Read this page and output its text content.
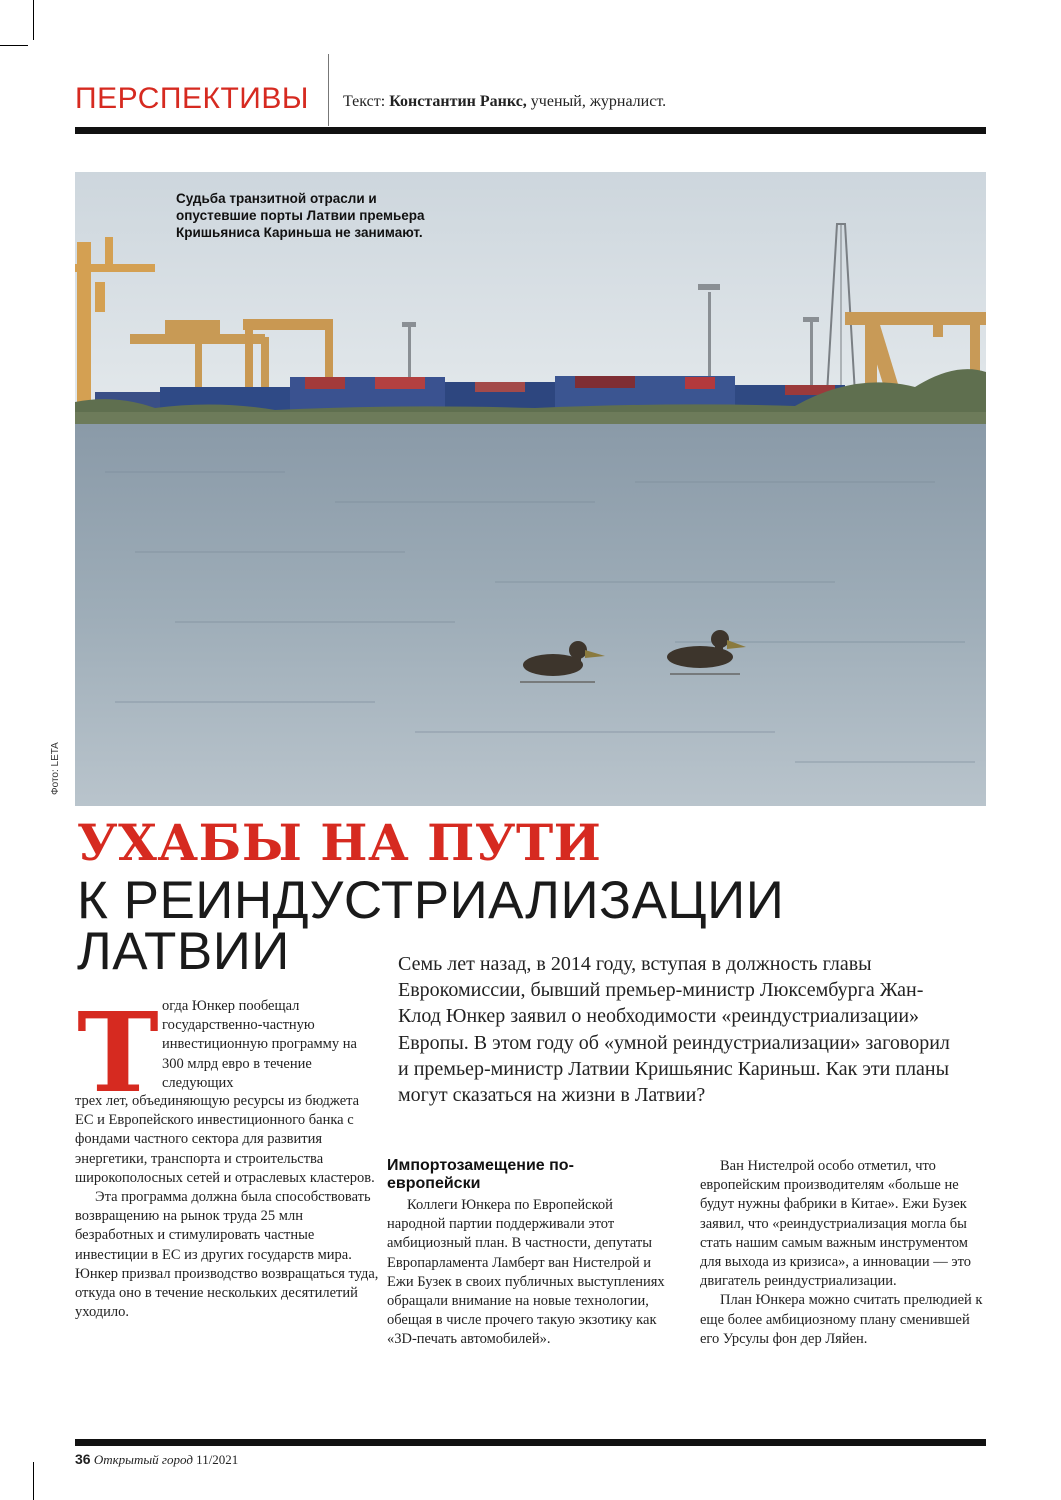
ПЕРСПЕКТИВЫ Текст: Константин Ранкс, ученый, журналист.
Судьба транзитной отрасли и опустевшие порты Латвии премьера Кришьяниса Кариньша не занимают.
Фото: LETA
УХАБЫ НА ПУТИ
К РЕИНДУСТРИАЛИЗАЦИИ
ЛАТВИИ	Семь лет назад, в 2014 году, вступая в должность главы Еврокомиссии, бывший премьер-министр Люксембурга Жан-Клод Юнкер заявил о необходимости «реиндустриализации» Европы. В этом году об «умной реиндустриализации» заговорил и премьер-министр Латвии Кришьянис Кариньш. Как эти планы могут сказаться на жизни в Латвии?
Т огда Юнкер пообещал государственно-частную инвестиционную программу на 300 млрд евро в течение следующих

трех лет, объединяющую ресурсы из бюджета ЕС и Европейского инвестиционного банка с фондами частного сектора для развития энергетики, транспорта и строительства широкополосных сетей и отраслевых кластеров.

Эта программа должна была способствовать возвращению на рынок труда 25 млн безработных и стимулировать частные инвестиции в ЕС из других государств мира. Юнкер призвал производство возвращаться туда, откуда оно в течение нескольких десятилетий уходило.

Импортозамещение по-европейски

Коллеги Юнкера по Европейской народной партии поддерживали этот амбициозный план. В частности, депутаты Европарламента Ламберт ван Нистелрой и Ежи Бузек в своих публичных выступлениях обращали внимание на новые технологии, обещая в числе прочего такую экзотику как «3D-печать автомобилей».

Ван Нистелрой особо отметил, что европейским производителям «больше не будут нужны фабрики в Китае». Ежи Бузек заявил, что «реиндустриализация могла бы стать нашим самым важным инструментом для выхода из кризиса», а инновации — это двигатель реиндустриализации.

План Юнкера можно считать прелюдией к еще более амбициозному плану сменившей его Урсулы фон дер Ляйен.

36 Открытый город 11/2021
